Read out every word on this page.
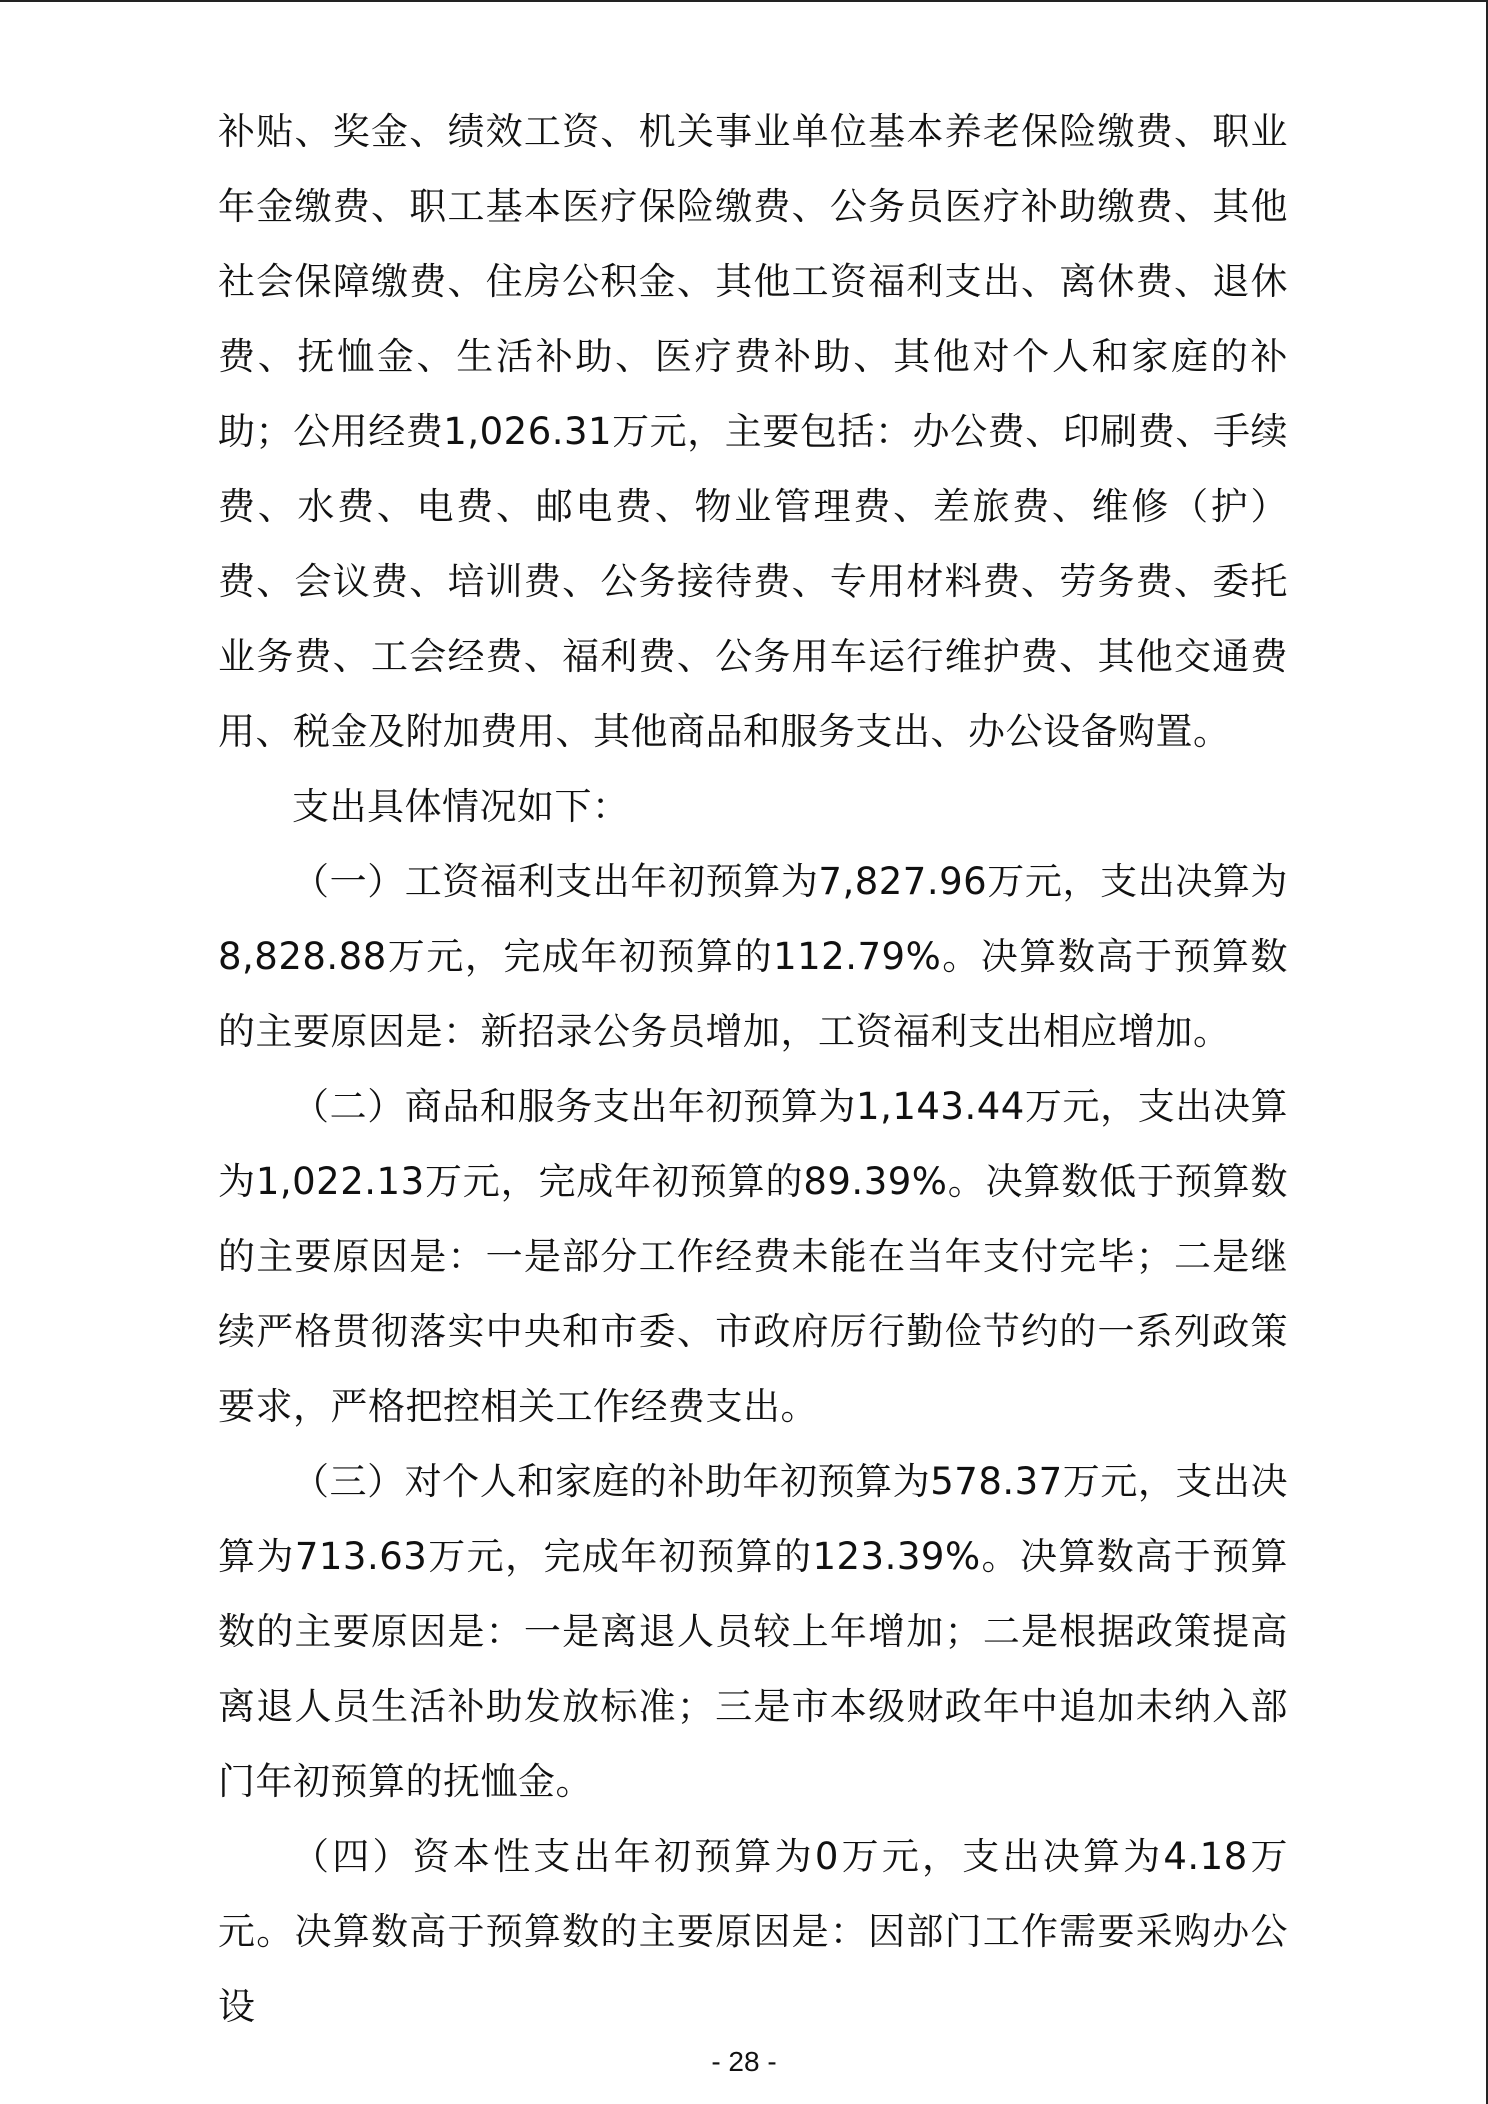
补贴、奖金、绩效工资、机关事业单位基本养老保险缴费、职业年金缴费、职工基本医疗保险缴费、公务员医疗补助缴费、其他社会保障缴费、住房公积金、其他工资福利支出、离休费、退休费、抚恤金、生活补助、医疗费补助、其他对个人和家庭的补助；公用经费1,026.31万元，主要包括：办公费、印刷费、手续费、水费、电费、邮电费、物业管理费、差旅费、维修（护）费、会议费、培训费、公务接待费、专用材料费、劳务费、委托业务费、工会经费、福利费、公务用车运行维护费、其他交通费用、税金及附加费用、其他商品和服务支出、办公设备购置。

支出具体情况如下：

（一）工资福利支出年初预算为7,827.96万元，支出决算为8,828.88万元，完成年初预算的112.79%。决算数高于预算数的主要原因是：新招录公务员增加，工资福利支出相应增加。

（二）商品和服务支出年初预算为1,143.44万元，支出决算为1,022.13万元，完成年初预算的89.39%。决算数低于预算数的主要原因是：一是部分工作经费未能在当年支付完毕；二是继续严格贯彻落实中央和市委、市政府厉行勤俭节约的一系列政策要求，严格把控相关工作经费支出。

（三）对个人和家庭的补助年初预算为578.37万元，支出决算为713.63万元，完成年初预算的123.39%。决算数高于预算数的主要原因是：一是离退人员较上年增加；二是根据政策提高离退人员生活补助发放标准；三是市本级财政年中追加未纳入部门年初预算的抚恤金。

（四）资本性支出年初预算为0万元，支出决算为4.18万元。决算数高于预算数的主要原因是：因部门工作需要采购办公设

- 28 -
